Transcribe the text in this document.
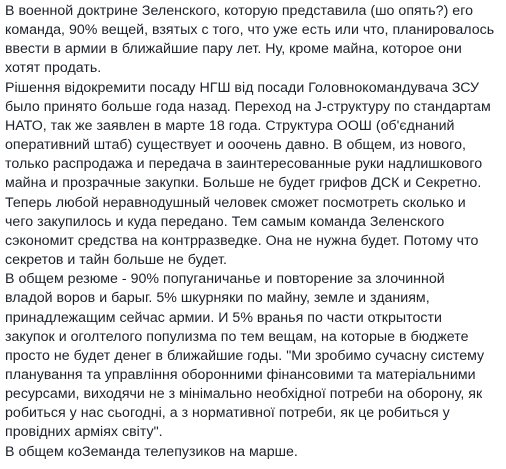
В военной доктрине Зеленского, которую представила (шо опять?) его

команда, 90% вещей, взятых с того, что уже есть или что, планировалось

ввести в армии в ближайшие пару лет. Ну, кроме майна, которое они

хотят продать.

Рішення відокремити посаду НГШ від посади Головнокомандувача ЗСУ

было принято больше года назад. Переход на J-структуру по стандартам

НАТО, так же заявлен в марте 18 года. Структура ООШ (об'єднаний

оперативний штаб) существует и ооочень давно. В общем, из нового,

только распродажа и передача в заинтересованные руки надлишкового

майна и прозрачные закупки. Больше не будет грифов ДСК и Секретно.

Теперь любой неравнодушный человек сможет посмотреть сколько и

чего закупилось и куда передано. Тем самым команда Зеленского

сэкономит средства на контрразведке. Она не нужна будет. Потому что

секретов и тайн больше не будет.

В общем резюме - 90% попуганичанье и повторение за злочинной

владой воров и барыг. 5% шкурняки по майну, земле и зданиям,

принадлежащим сейчас армии. И 5% вранья по части открытости

закупок и оголтелого популизма по тем вещам, на которые в бюджете

просто не будет денег в ближайшие годы. "Ми зробимо сучасну систему

планування та управління оборонними фінансовими та матеріальними

ресурсами, виходячи не з мінімально необхідної потреби на оборону, як

робиться у нас сьогодні, а з нормативної потреби, як це робиться у

провідних арміях світу".

В общем коЗеманда телепузиков на марше.
